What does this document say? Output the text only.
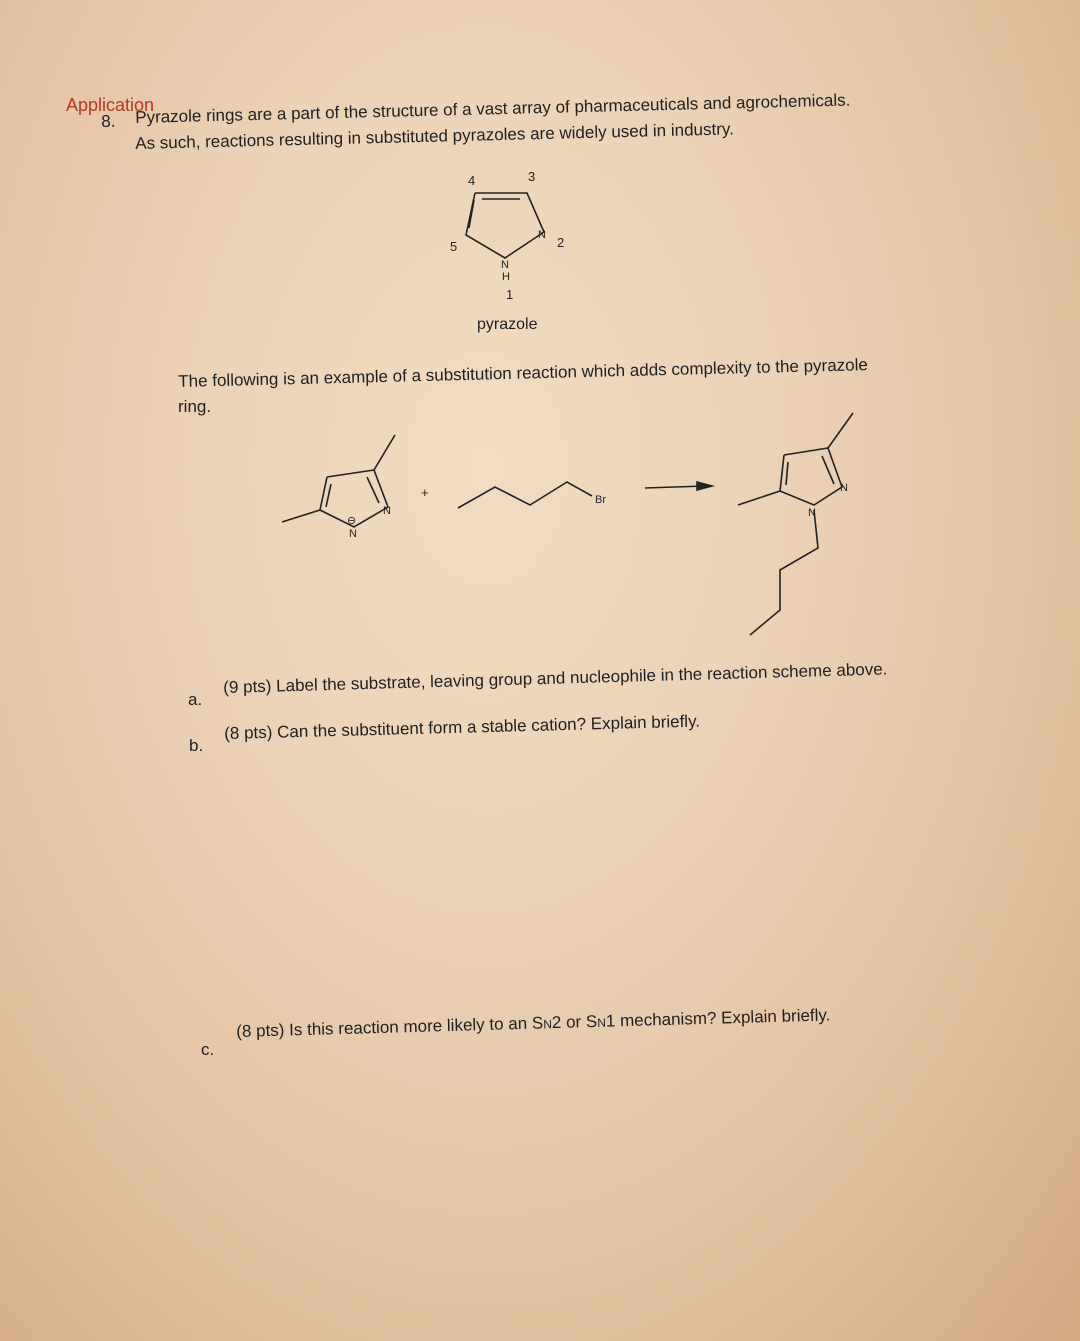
Application
8. Pyrazole rings are a part of the structure of a vast array of pharmaceuticals and agrochemicals.
As such, reactions resulting in substituted pyrazoles are widely used in industry.
N
N
H
1
2
3
4
5
N
N
⊖
+	Br
N
N
pyrazole
The following is an example of a substitution reaction which adds complexity to the pyrazole
ring.
a.
(9 pts) Label the substrate, leaving group and nucleophile in the reaction scheme above.
b.
(8 pts) Can the substituent form a stable cation? Explain briefly.
c.
(8 pts) Is this reaction more likely to an SN2 or SN1 mechanism? Explain briefly.
